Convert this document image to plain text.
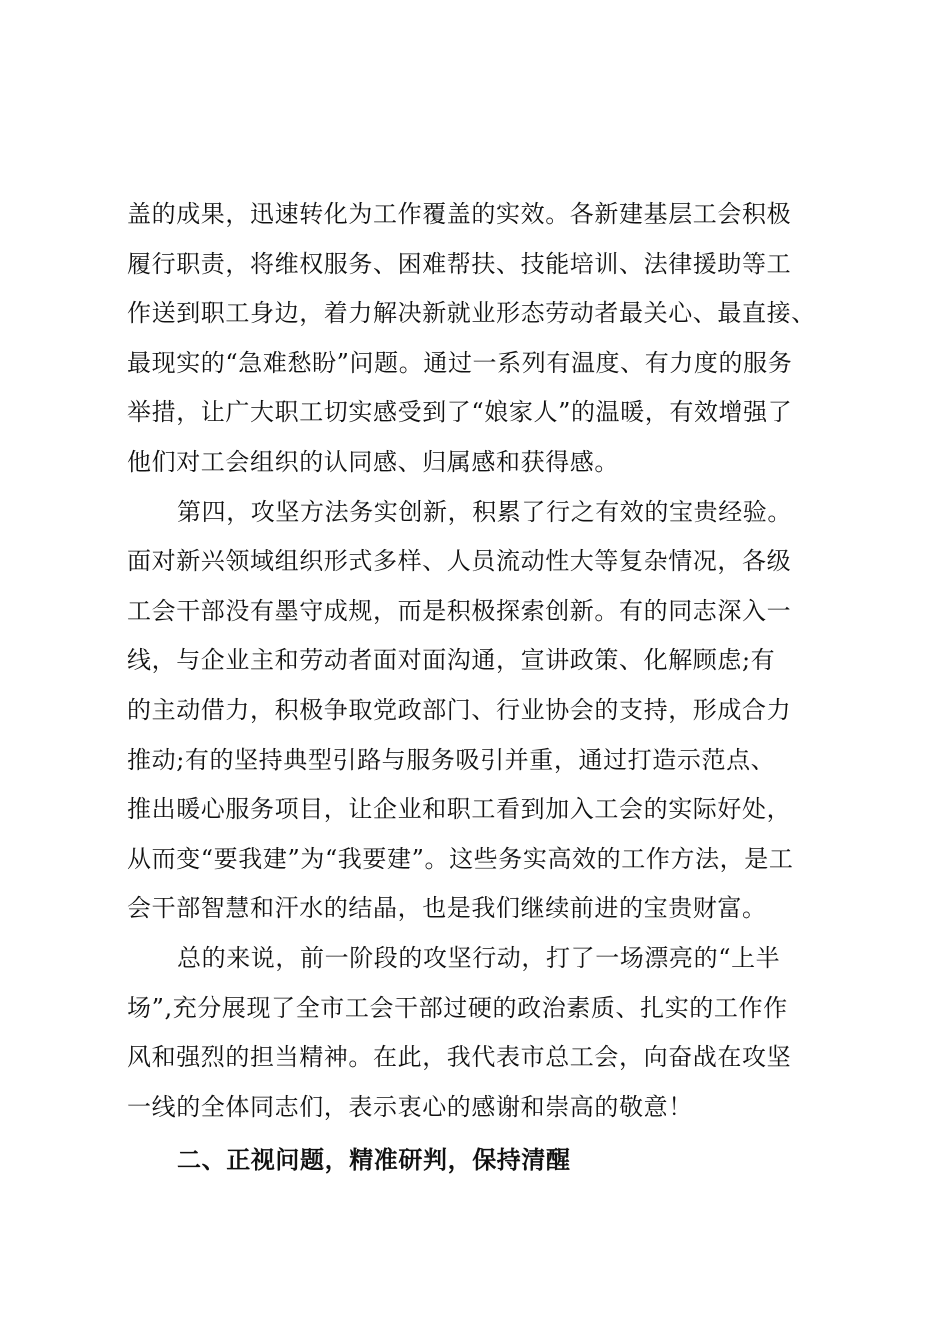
盖的成果，迅速转化为工作覆盖的实效。各新建基层工会积极
履行职责，将维权服务、困难帮扶、技能培训、法律援助等工
作送到职工身边，着力解决新就业形态劳动者最关心、最直接、
最现实的“急难愁盼”问题。通过一系列有温度、有力度的服务
举措，让广大职工切实感受到了“娘家人”的温暖，有效增强了
他们对工会组织的认同感、归属感和获得感。
第四，攻坚方法务实创新，积累了行之有效的宝贵经验。
面对新兴领域组织形式多样、人员流动性大等复杂情况，各级
工会干部没有墨守成规，而是积极探索创新。有的同志深入一
线，与企业主和劳动者面对面沟通，宣讲政策、化解顾虑;有
的主动借力，积极争取党政部门、行业协会的支持，形成合力
推动;有的坚持典型引路与服务吸引并重，通过打造示范点、
推出暖心服务项目，让企业和职工看到加入工会的实际好处，
从而变“要我建”为“我要建”。这些务实高效的工作方法，是工
会干部智慧和汗水的结晶，也是我们继续前进的宝贵财富。
总的来说，前一阶段的攻坚行动，打了一场漂亮的“上半
场”,充分展现了全市工会干部过硬的政治素质、扎实的工作作
风和强烈的担当精神。在此，我代表市总工会，向奋战在攻坚
一线的全体同志们，表示衷心的感谢和崇高的敬意！
二、正视问题，精准研判，保持清醒
